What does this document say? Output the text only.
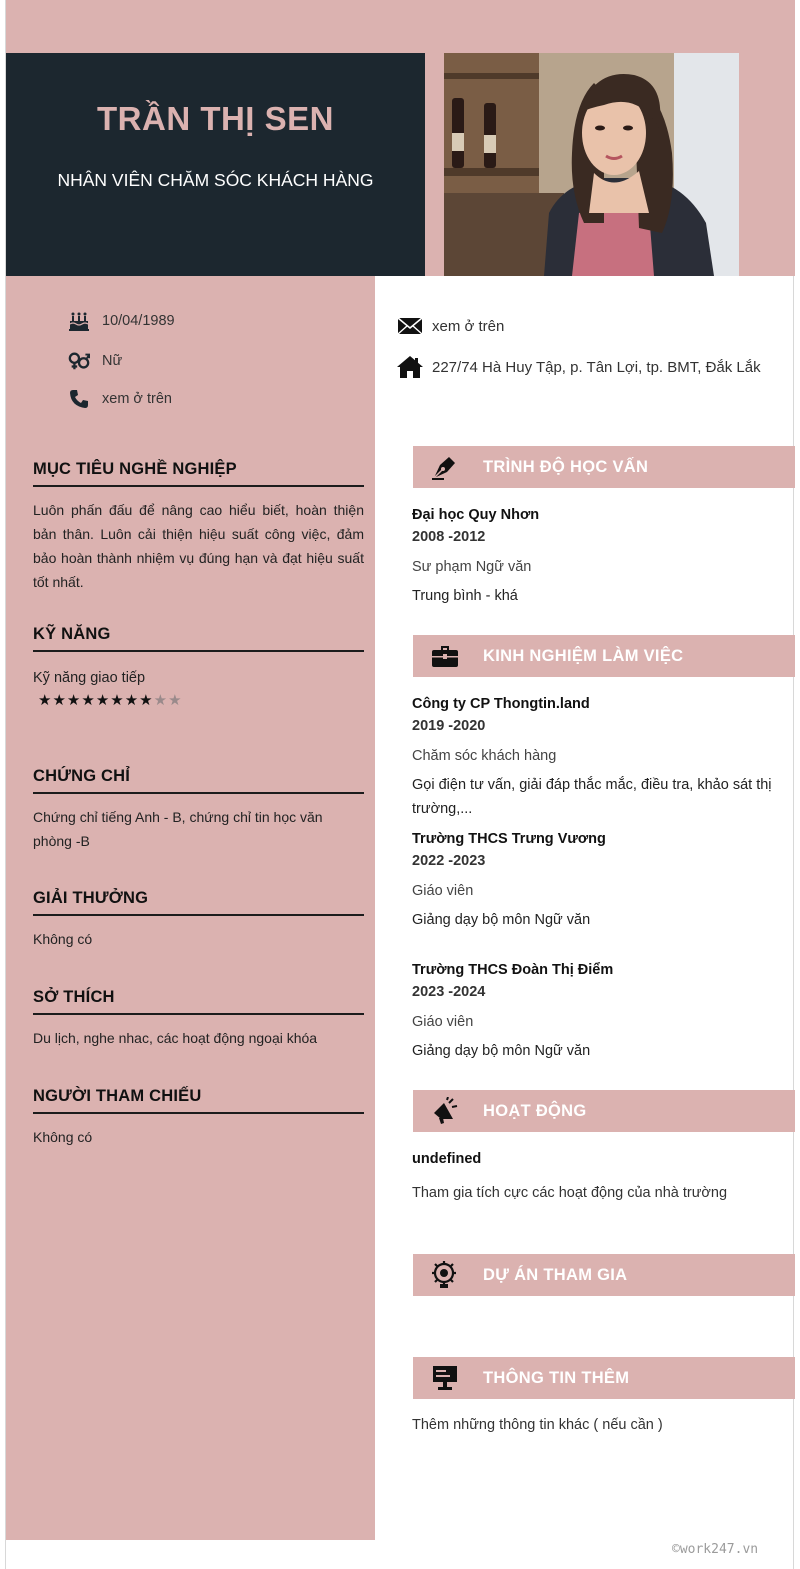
TRẦN THỊ SEN
NHÂN VIÊN CHĂM SÓC KHÁCH HÀNG
10/04/1989
Nữ
xem ở trên
xem ở trên
227/74 Hà Huy Tập, p. Tân Lợi, tp. BMT, Đắk Lắk
MỤC TIÊU NGHỀ NGHIỆP

Luôn phấn đấu để nâng cao hiểu biết, hoàn thiện bản thân. Luôn cải thiện hiệu suất công việc, đảm bảo hoàn thành nhiệm vụ đúng hạn và đạt hiệu suất tốt nhất.

KỸ NĂNG
Kỹ năng giao tiếp
★ ★ ★ ★ ★ ★ ★ ★ ★ ★
CHỨNG CHỈ

Chứng chỉ tiếng Anh - B, chứng chỉ tin học văn phòng -B

GIẢI THƯỞNG

Không có

SỞ THÍCH

Du lịch, nghe nhac, các hoạt động ngoại khóa

NGƯỜI THAM CHIẾU

Không có

TRÌNH ĐỘ HỌC VẤN
Đại học Quy Nhơn
2008 -2012
Sư phạm Ngữ văn
Trung bình - khá
KINH NGHIỆM LÀM VIỆC
Công ty CP Thongtin.land
2019 -2020
Chăm sóc khách hàng
Gọi điện tư vấn, giải đáp thắc mắc, điều tra, khảo sát thị trường,...
Trường THCS Trưng Vương
2022 -2023
Giáo viên
Giảng dạy bộ môn Ngữ văn
Trường THCS Đoàn Thị Điểm
2023 -2024
Giáo viên
Giảng dạy bộ môn Ngữ văn
HOẠT ĐỘNG
undefined
Tham gia tích cực các hoạt động của nhà trường
DỰ ÁN THAM GIA
THÔNG TIN THÊM
Thêm những thông tin khác ( nếu cần )
©work247.vn
